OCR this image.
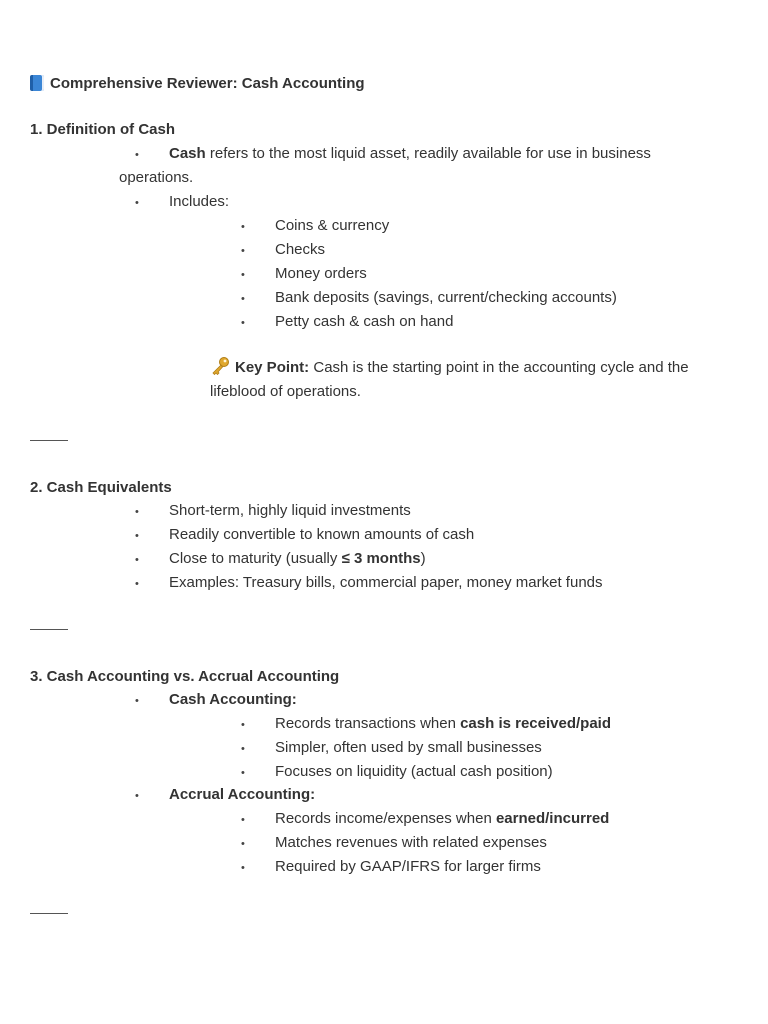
Comprehensive Reviewer: Cash Accounting
1. Definition of Cash
• Cash refers to the most liquid asset, readily available for use in business
operations.
• Includes:
• Coins & currency
• Checks
• Money orders
• Bank deposits (savings, current/checking accounts)
• Petty cash & cash on hand
Key Point: Cash is the starting point in the accounting cycle and the
lifeblood of operations.
2. Cash Equivalents
• Short-term, highly liquid investments
• Readily convertible to known amounts of cash
• Close to maturity (usually ≤ 3 months)
• Examples: Treasury bills, commercial paper, money market funds
3. Cash Accounting vs. Accrual Accounting
• Cash Accounting:
• Records transactions when cash is received/paid
• Simpler, often used by small businesses
• Focuses on liquidity (actual cash position)
• Accrual Accounting:
• Records income/expenses when earned/incurred
• Matches revenues with related expenses
• Required by GAAP/IFRS for larger firms
